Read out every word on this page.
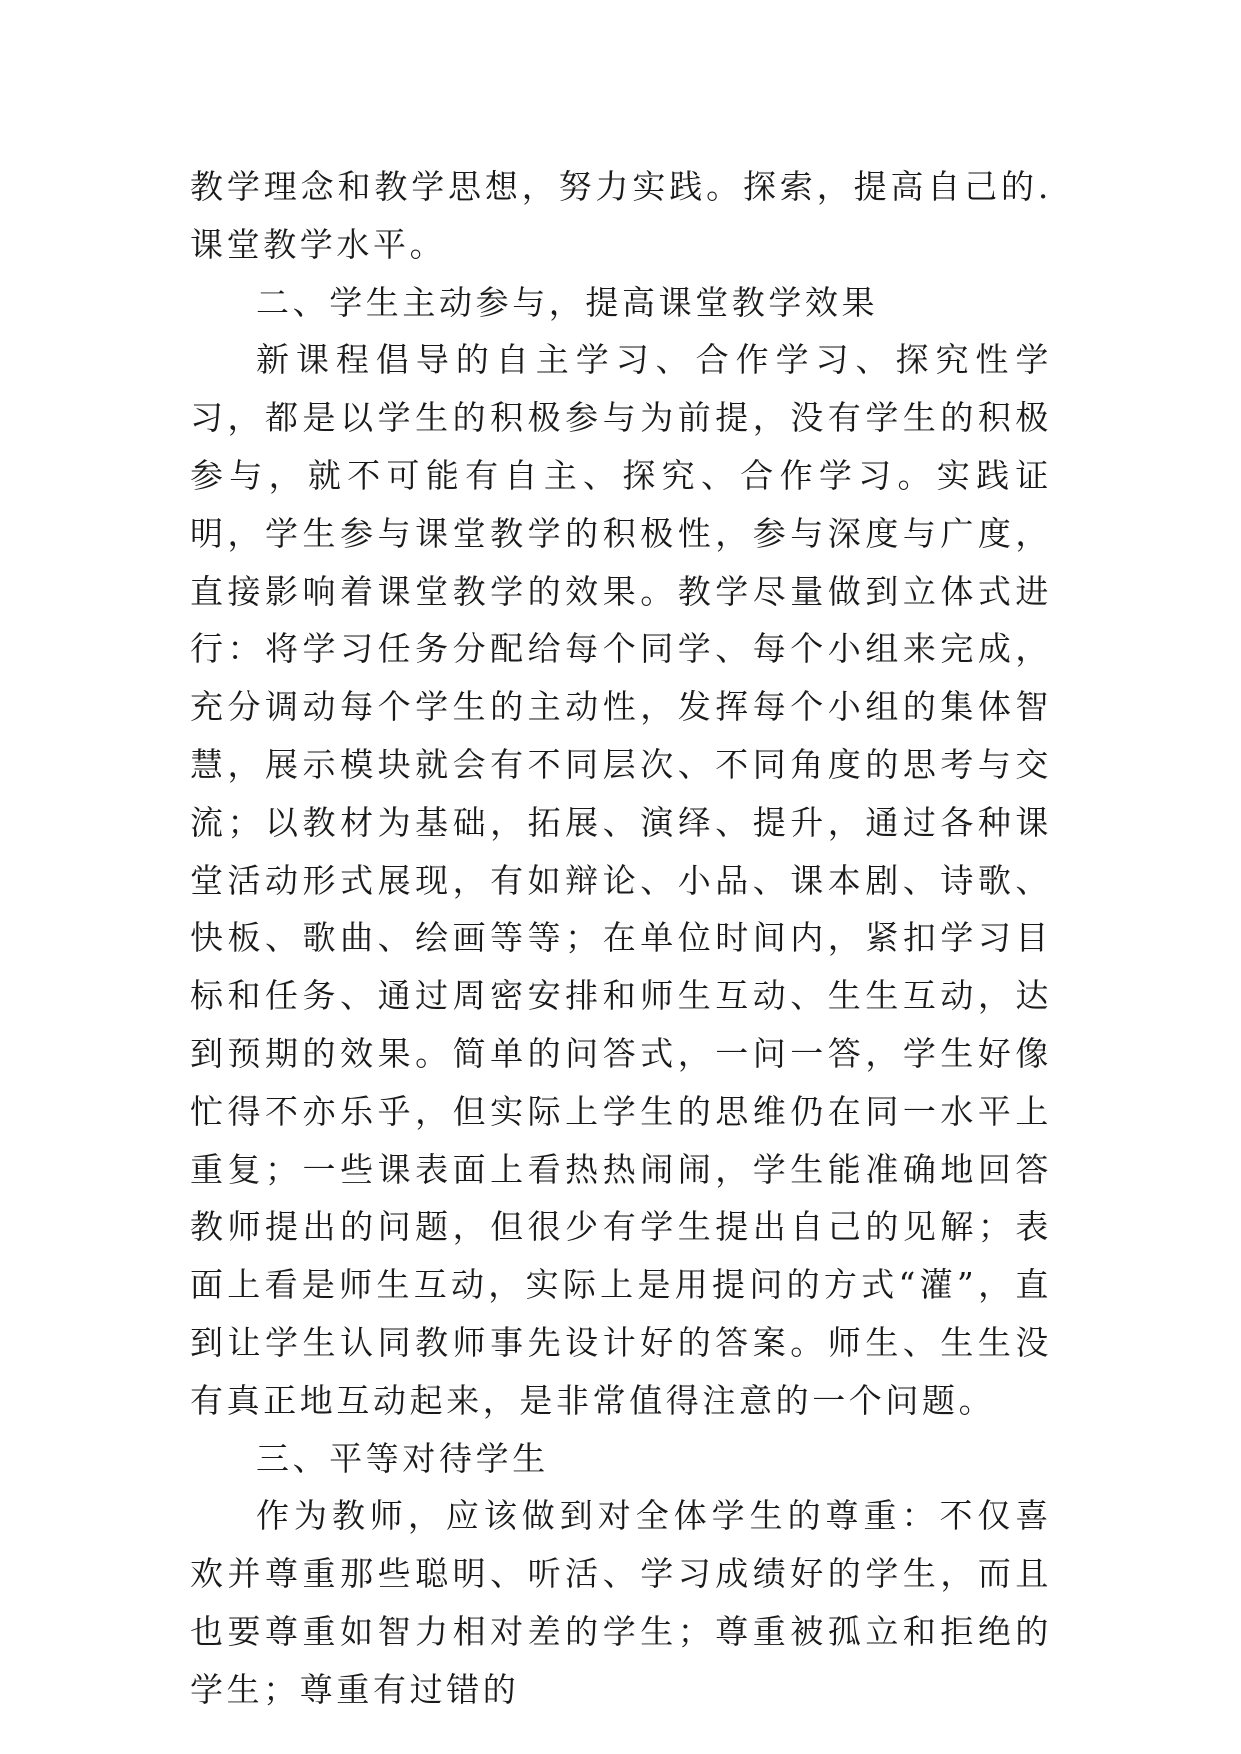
教学理念和教学思想，努力实践。探索，提高自己的.课堂教学水平。

二、学生主动参与，提高课堂教学效果

新课程倡导的自主学习、合作学习、探究性学习，都是以学生的积极参与为前提，没有学生的积极参与，就不可能有自主、探究、合作学习。实践证明，学生参与课堂教学的积极性，参与深度与广度，直接影响着课堂教学的效果。教学尽量做到立体式进行：将学习任务分配给每个同学、每个小组来完成，充分调动每个学生的主动性，发挥每个小组的集体智慧，展示模块就会有不同层次、不同角度的思考与交流；以教材为基础，拓展、演绎、提升，通过各种课堂活动形式展现，有如辩论、小品、课本剧、诗歌、快板、歌曲、绘画等等；在单位时间内，紧扣学习目标和任务、通过周密安排和师生互动、生生互动，达到预期的效果。简单的问答式，一问一答，学生好像忙得不亦乐乎，但实际上学生的思维仍在同一水平上重复；一些课表面上看热热闹闹，学生能准确地回答教师提出的问题，但很少有学生提出自己的见解；表面上看是师生互动，实际上是用提问的方式“灌”，直到让学生认同教师事先设计好的答案。师生、生生没有真正地互动起来，是非常值得注意的一个问题。

三、平等对待学生

作为教师，应该做到对全体学生的尊重：不仅喜欢并尊重那些聪明、听活、学习成绩好的学生，而且也要尊重如智力相对差的学生；尊重被孤立和拒绝的学生；尊重有过错的
